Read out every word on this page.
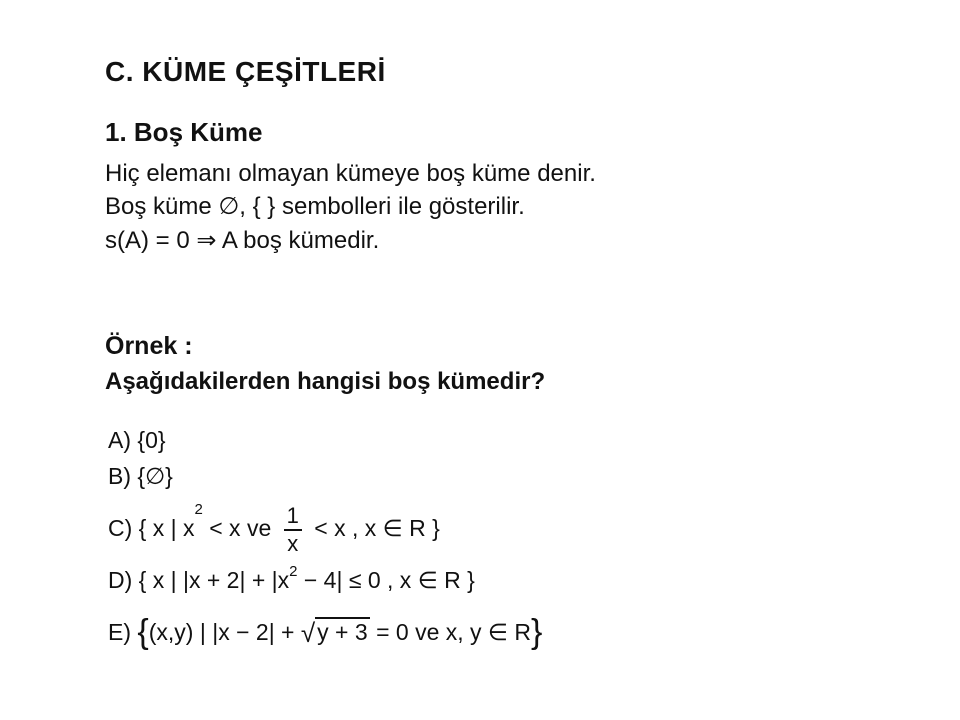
C. KÜME ÇEŞİTLERİ
1. Boş Küme
Hiç elemanı olmayan kümeye boş küme denir.
Boş küme ∅, { } sembolleri ile gösterilir.
s(A) = 0 ⇒ A boş kümedir.
Örnek :
Aşağıdakilerden hangisi boş kümedir?
A) {0}
B) {∅}
C) { x | $x^2 < x$ ve $\frac{1}{x} < x$ , x ∈ R }
D) { x | $|x + 2| + |x^2 - 4| \le 0$ , x ∈ R }
E) {(x,y) | |x − 2| + √y + 3 = 0 ve x, y ∈ R}
